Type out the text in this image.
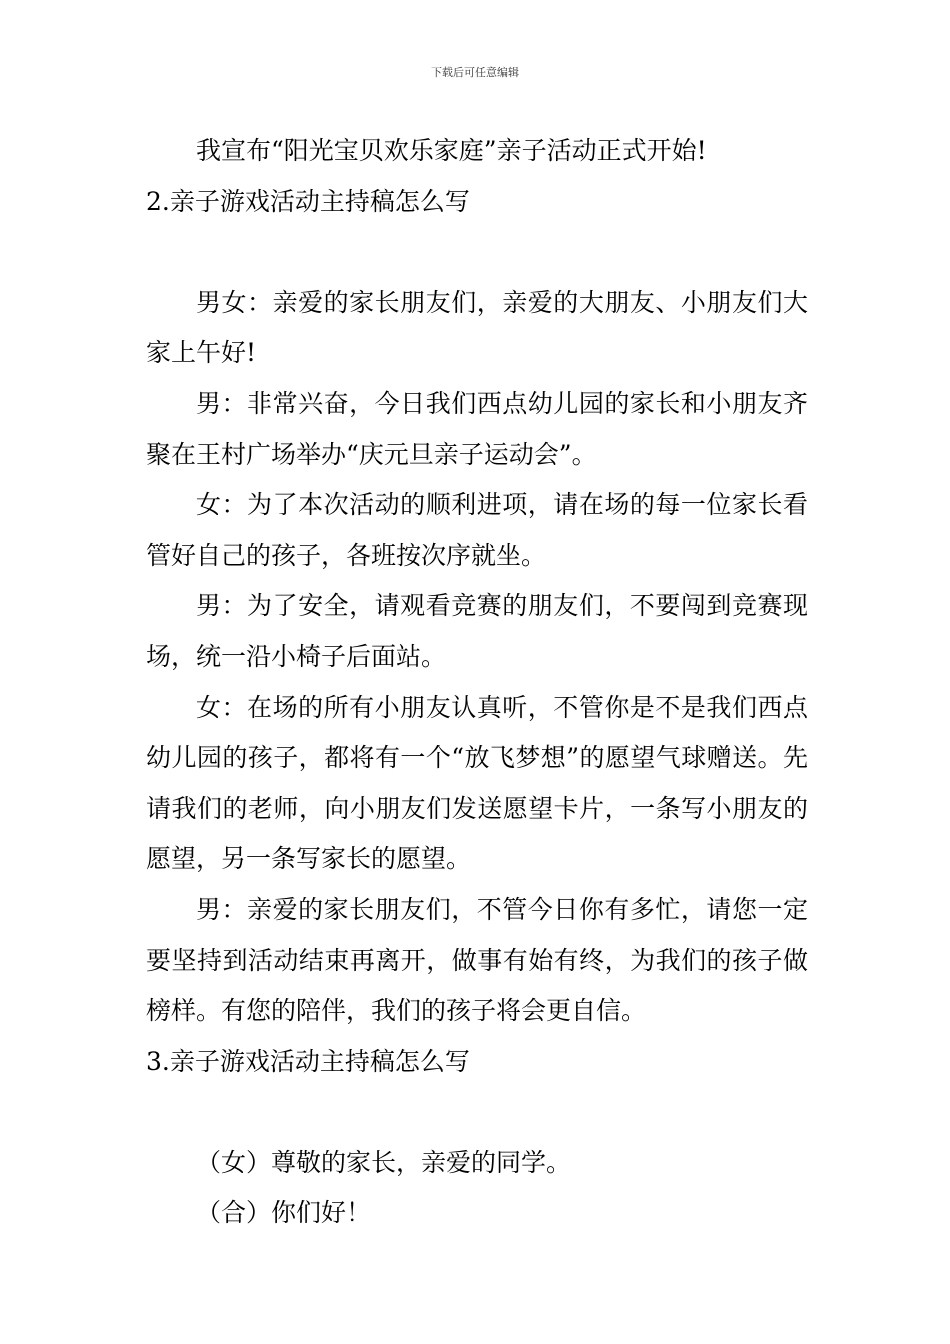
下载后可任意编辑

我宣布“阳光宝贝欢乐家庭”亲子活动正式开始!

2.亲子游戏活动主持稿怎么写

男女：亲爱的家长朋友们，亲爱的大朋友、小朋友们大家上午好!

男：非常兴奋，今日我们西点幼儿园的家长和小朋友齐聚在王村广场举办“庆元旦亲子运动会”。

女：为了本次活动的顺利进项，请在场的每一位家长看管好自己的孩子，各班按次序就坐。

男：为了安全，请观看竞赛的朋友们，不要闯到竞赛现场，统一沿小椅子后面站。

女：在场的所有小朋友认真听，不管你是不是我们西点幼儿园的孩子，都将有一个“放飞梦想”的愿望气球赠送。先请我们的老师，向小朋友们发送愿望卡片，一条写小朋友的愿望，另一条写家长的愿望。

男：亲爱的家长朋友们，不管今日你有多忙，请您一定要坚持到活动结束再离开，做事有始有终，为我们的孩子做榜样。有您的陪伴，我们的孩子将会更自信。

3.亲子游戏活动主持稿怎么写

（女）尊敬的家长，亲爱的同学。

（合）你们好！
